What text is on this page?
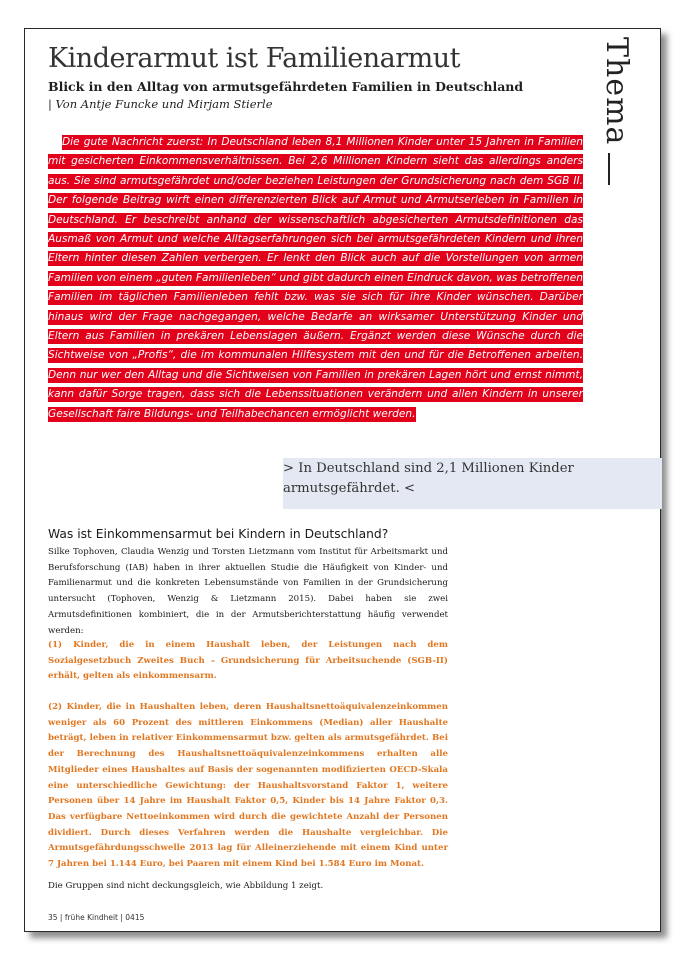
Kinderarmut ist Familienarmut
Blick in den Alltag von armutsgefährdeten Familien in Deutschland
| Von Antje Funcke und Mirjam Stierle	Thema
Die gute Nachricht zuerst: In Deutschland leben 8,1 Millionen Kinder unter 15 Jahren in Familien mit gesicherten Einkommensverhältnissen. Bei 2,6 Millionen Kindern sieht das allerdings anders aus. Sie sind armutsgefährdet und/oder beziehen Leistungen der Grundsicherung nach dem SGB II. Der folgende Beitrag wirft einen differenzierten Blick auf Armut und Armutserleben in Familien in Deutschland. Er beschreibt anhand der wissenschaftlich abgesicherten Armutsdefinitionen das Ausmaß von Armut und welche Alltagserfahrungen sich bei armutsgefährdeten Kindern und ihren Eltern hinter diesen Zahlen verbergen. Er lenkt den Blick auch auf die Vorstellungen von armen Familien von einem „guten Familienleben“ und gibt dadurch einen Eindruck davon, was betroffenen Familien im täglichen Familienleben fehlt bzw. was sie sich für ihre Kinder wünschen. Darüber hinaus wird der Frage nachgegangen, welche Bedarfe an wirksamer Unterstützung Kinder und Eltern aus Familien in prekären Lebenslagen äußern. Ergänzt werden diese Wünsche durch die Sichtweise von „Profis“, die im kommunalen Hilfesystem mit den und für die Betroffenen arbeiten. Denn nur wer den Alltag und die Sichtweisen von Familien in prekären Lagen hört und ernst nimmt, kann dafür Sorge tragen, dass sich die Lebenssituationen verändern und allen Kindern in unserer Gesellschaft faire Bildungs- und Teilhabechancen ermöglicht werden.
> In Deutschland sind 2,1 Millionen Kinder armutsgefährdet. <
Was ist Einkommensarmut bei Kindern in Deutschland?

Silke Tophoven, Claudia Wenzig und Torsten Lietzmann vom Institut für Arbeitsmarkt und Berufsforschung (IAB) haben in ihrer aktuellen Studie die Häufigkeit von Kinder- und Familienarmut und die konkreten Lebensumstände von Familien in der Grundsicherung untersucht (Tophoven, Wenzig & Lietzmann 2015). Dabei haben sie zwei Armutsdefinitionen kombiniert, die in der Armutsberichterstattung häufig verwendet werden:

(1) Kinder, die in einem Haushalt leben, der Leistungen nach dem Sozialgesetzbuch Zweites Buch – Grundsicherung für Arbeitsuchende (SGB-II) erhält, gelten als einkommensarm.

(2) Kinder, die in Haushalten leben, deren Haushaltsnettoäquivalenzeinkommen weniger als 60 Prozent des mittleren Einkommens (Median) aller Haushalte beträgt, leben in relativer Einkommensarmut bzw. gelten als armutsgefährdet. Bei der Berechnung des Haushaltsnettoäquivalenzeinkommens erhalten alle Mitglieder eines Haushaltes auf Basis der sogenannten modifizierten OECD-Skala eine unterschiedliche Gewichtung: der Haushaltsvorstand Faktor 1, weitere Personen über 14 Jahre im Haushalt Faktor 0,5, Kinder bis 14 Jahre Faktor 0,3. Das verfügbare Nettoeinkommen wird durch die gewichtete Anzahl der Personen dividiert. Durch dieses Verfahren werden die Haushalte vergleichbar. Die Armutsgefährdungsschwelle 2013 lag für Alleinerziehende mit einem Kind unter 7 Jahren bei 1.144 Euro, bei Paaren mit einem Kind bei 1.584 Euro im Monat.

Die Gruppen sind nicht deckungsgleich, wie Abbildung 1 zeigt.

35 | frühe Kindheit | 0415
